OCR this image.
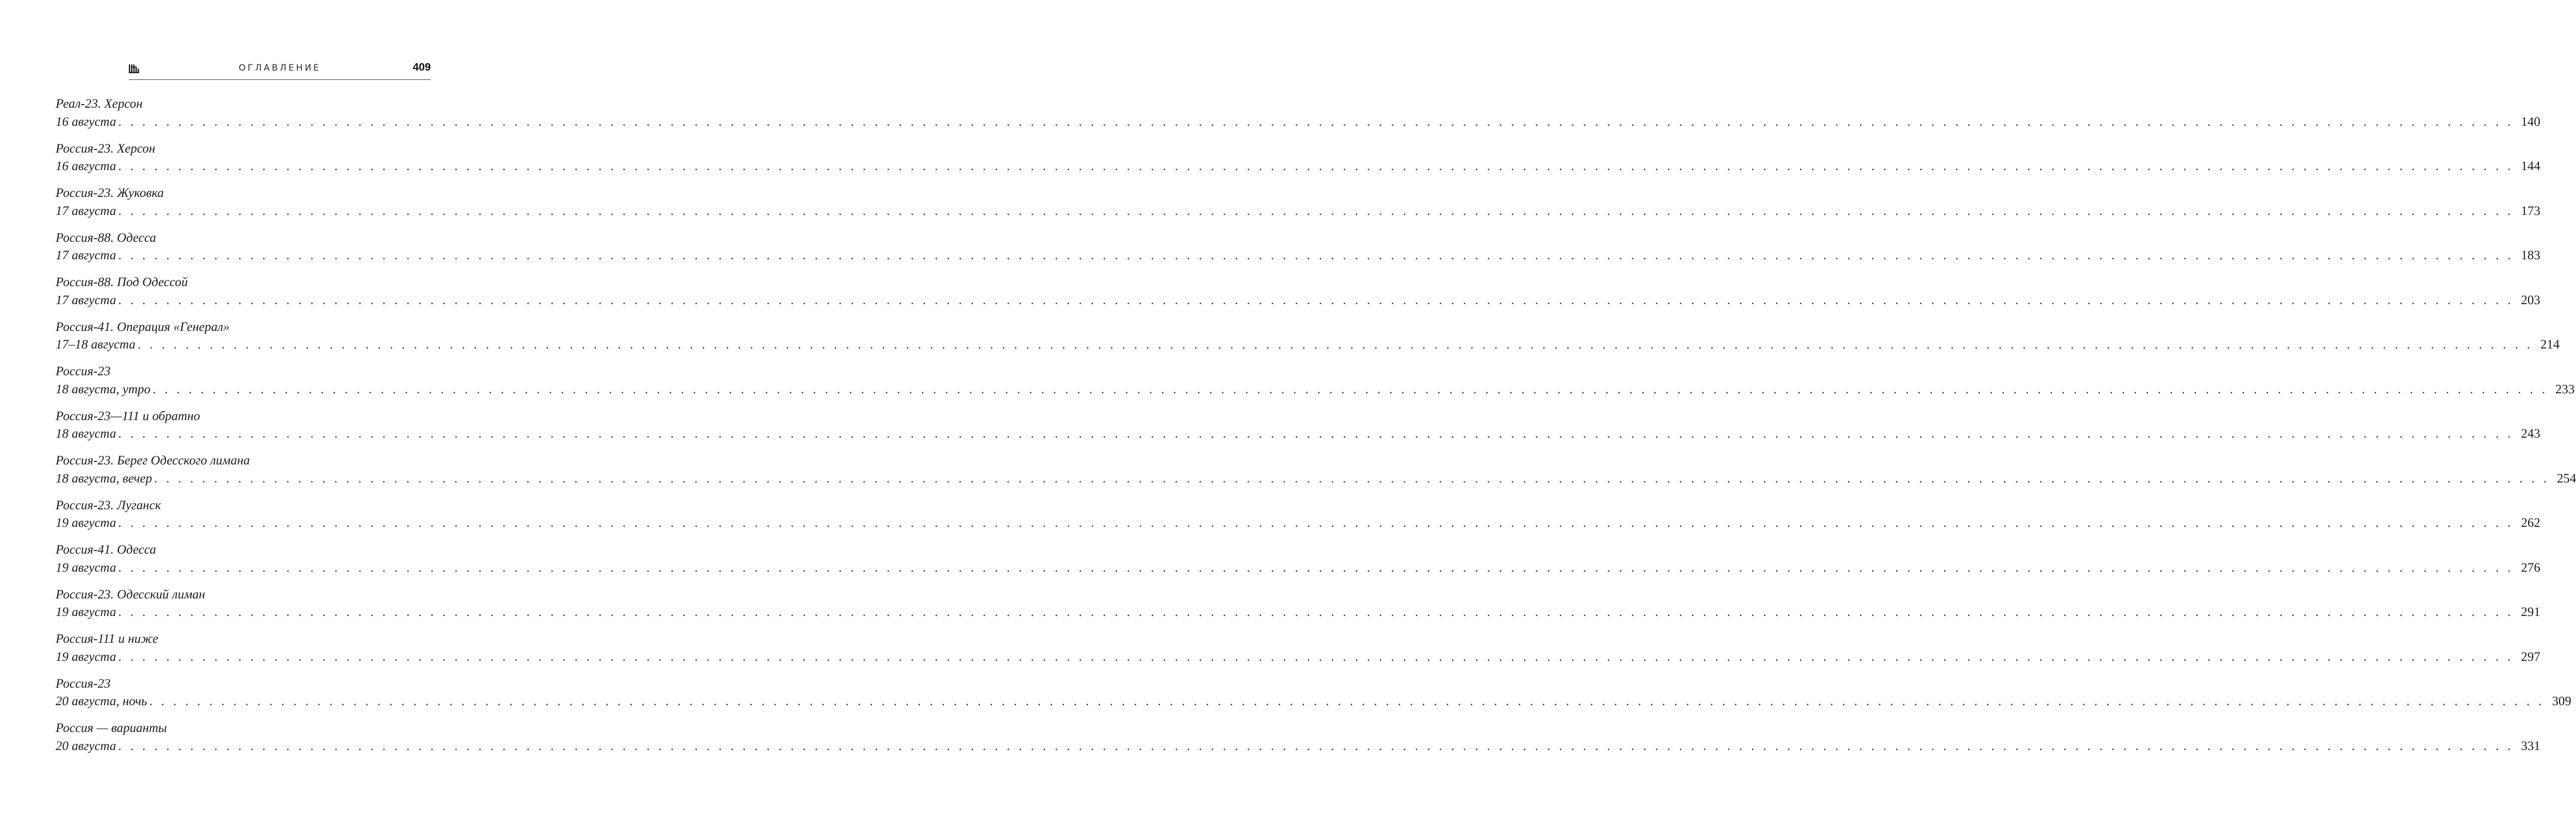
ОГЛАВЛЕНИЕ	409
Реал-23. Херсон
16 августа . . . . . . . . . . . . . . . . . . . . . . . . . . . . . . . . . . . . . . . . . . . . . . . . . . . . . . . . . . . . . . . . . . . . . . . . . . . . . . . . . . . . . . . . . . . . . . . . . . . . . . . . . . . . . . . . . . . . . . . . . . . . . . . . . . . . . . . . . . . . . . . . . . . . . . . . . . . . . . . . . . . . . . . . . . . . . . . . . . . . . . . . . . . . . . . . . . . . . . . . 140
Россия-23. Херсон
16 августа . . . . . . . . . . . . . . . . . . . . . . . . . . . . . . . . . . . . . . . . . . . . . . . . . . . . . . . . . . . . . . . . . . . . . . . . . . . . . . . . . . . . . . . . . . . . . . . . . . . . . . . . . . . . . . . . . . . . . . . . . . . . . . . . . . . . . . . . . . . . . . . . . . . . . . . . . . . . . . . . . . . . . . . . . . . . . . . . . . . . . . . . . . . . . . . . . . . . . . . . 144
Россия-23. Жуковка
17 августа . . . . . . . . . . . . . . . . . . . . . . . . . . . . . . . . . . . . . . . . . . . . . . . . . . . . . . . . . . . . . . . . . . . . . . . . . . . . . . . . . . . . . . . . . . . . . . . . . . . . . . . . . . . . . . . . . . . . . . . . . . . . . . . . . . . . . . . . . . . . . . . . . . . . . . . . . . . . . . . . . . . . . . . . . . . . . . . . . . . . . . . . . . . . . . . . . . . . . . . . 173
Россия-88. Одесса
17 августа . . . . . . . . . . . . . . . . . . . . . . . . . . . . . . . . . . . . . . . . . . . . . . . . . . . . . . . . . . . . . . . . . . . . . . . . . . . . . . . . . . . . . . . . . . . . . . . . . . . . . . . . . . . . . . . . . . . . . . . . . . . . . . . . . . . . . . . . . . . . . . . . . . . . . . . . . . . . . . . . . . . . . . . . . . . . . . . . . . . . . . . . . . . . . . . . . . . . . . . . 183
Россия-88. Под Одессой
17 августа . . . . . . . . . . . . . . . . . . . . . . . . . . . . . . . . . . . . . . . . . . . . . . . . . . . . . . . . . . . . . . . . . . . . . . . . . . . . . . . . . . . . . . . . . . . . . . . . . . . . . . . . . . . . . . . . . . . . . . . . . . . . . . . . . . . . . . . . . . . . . . . . . . . . . . . . . . . . . . . . . . . . . . . . . . . . . . . . . . . . . . . . . . . . . . . . . . . . . . . . 203
Россия-41. Операция «Генерал»
17–18 августа . . . . . . . . . . . . . . . . . . . . . . . . . . . . . . . . . . . . . . . . . . . . . . . . . . . . . . . . . . . . . . . . . . . . . . . . . . . . . . . . . . . . . . . . . . . . . . . . . . . . . . . . . . . . . . . . . . . . . . . . . . . . . . . . . . . . . . . . . . . . . . . . . . . . . . . . . . . . . . . . . . . . . . . . . . . . . . . . . . . . . . . . . . . . . . . . . . . . . . . . 214
Россия-23
18 августа, утро . . . . . . . . . . . . . . . . . . . . . . . . . . . . . . . . . . . . . . . . . . . . . . . . . . . . . . . . . . . . . . . . . . . . . . . . . . . . . . . . . . . . . . . . . . . . . . . . . . . . . . . . . . . . . . . . . . . . . . . . . . . . . . . . . . . . . . . . . . . . . . . . . . . . . . . . . . . . . . . . . . . . . . . . . . . . . . . . . . . . . . . . . . . . . . . . . . . . . . . . 233
Россия-23—111 и обратно
18 августа . . . . . . . . . . . . . . . . . . . . . . . . . . . . . . . . . . . . . . . . . . . . . . . . . . . . . . . . . . . . . . . . . . . . . . . . . . . . . . . . . . . . . . . . . . . . . . . . . . . . . . . . . . . . . . . . . . . . . . . . . . . . . . . . . . . . . . . . . . . . . . . . . . . . . . . . . . . . . . . . . . . . . . . . . . . . . . . . . . . . . . . . . . . . . . . . . . . . . . . . 243
Россия-23. Берег Одесского лимана
18 августа, вечер . . . . . . . . . . . . . . . . . . . . . . . . . . . . . . . . . . . . . . . . . . . . . . . . . . . . . . . . . . . . . . . . . . . . . . . . . . . . . . . . . . . . . . . . . . . . . . . . . . . . . . . . . . . . . . . . . . . . . . . . . . . . . . . . . . . . . . . . . . . . . . . . . . . . . . . . . . . . . . . . . . . . . . . . . . . . . . . . . . . . . . . . . . . . . . . . . . . . . . . . 254
Россия-23. Луганск
19 августа . . . . . . . . . . . . . . . . . . . . . . . . . . . . . . . . . . . . . . . . . . . . . . . . . . . . . . . . . . . . . . . . . . . . . . . . . . . . . . . . . . . . . . . . . . . . . . . . . . . . . . . . . . . . . . . . . . . . . . . . . . . . . . . . . . . . . . . . . . . . . . . . . . . . . . . . . . . . . . . . . . . . . . . . . . . . . . . . . . . . . . . . . . . . . . . . . . . . . . . . 262
Россия-41. Одесса
19 августа . . . . . . . . . . . . . . . . . . . . . . . . . . . . . . . . . . . . . . . . . . . . . . . . . . . . . . . . . . . . . . . . . . . . . . . . . . . . . . . . . . . . . . . . . . . . . . . . . . . . . . . . . . . . . . . . . . . . . . . . . . . . . . . . . . . . . . . . . . . . . . . . . . . . . . . . . . . . . . . . . . . . . . . . . . . . . . . . . . . . . . . . . . . . . . . . . . . . . . . . 276
Россия-23. Одесский лиман
19 августа . . . . . . . . . . . . . . . . . . . . . . . . . . . . . . . . . . . . . . . . . . . . . . . . . . . . . . . . . . . . . . . . . . . . . . . . . . . . . . . . . . . . . . . . . . . . . . . . . . . . . . . . . . . . . . . . . . . . . . . . . . . . . . . . . . . . . . . . . . . . . . . . . . . . . . . . . . . . . . . . . . . . . . . . . . . . . . . . . . . . . . . . . . . . . . . . . . . . . . . . 291
Россия-111 и ниже
19 августа . . . . . . . . . . . . . . . . . . . . . . . . . . . . . . . . . . . . . . . . . . . . . . . . . . . . . . . . . . . . . . . . . . . . . . . . . . . . . . . . . . . . . . . . . . . . . . . . . . . . . . . . . . . . . . . . . . . . . . . . . . . . . . . . . . . . . . . . . . . . . . . . . . . . . . . . . . . . . . . . . . . . . . . . . . . . . . . . . . . . . . . . . . . . . . . . . . . . . . . . 297
Россия-23
20 августа, ночь . . . . . . . . . . . . . . . . . . . . . . . . . . . . . . . . . . . . . . . . . . . . . . . . . . . . . . . . . . . . . . . . . . . . . . . . . . . . . . . . . . . . . . . . . . . . . . . . . . . . . . . . . . . . . . . . . . . . . . . . . . . . . . . . . . . . . . . . . . . . . . . . . . . . . . . . . . . . . . . . . . . . . . . . . . . . . . . . . . . . . . . . . . . . . . . . . . . . . . . . 309
Россия — варианты
20 августа . . . . . . . . . . . . . . . . . . . . . . . . . . . . . . . . . . . . . . . . . . . . . . . . . . . . . . . . . . . . . . . . . . . . . . . . . . . . . . . . . . . . . . . . . . . . . . . . . . . . . . . . . . . . . . . . . . . . . . . . . . . . . . . . . . . . . . . . . . . . . . . . . . . . . . . . . . . . . . . . . . . . . . . . . . . . . . . . . . . . . . . . . . . . . . . . . . . . . . . . 331
